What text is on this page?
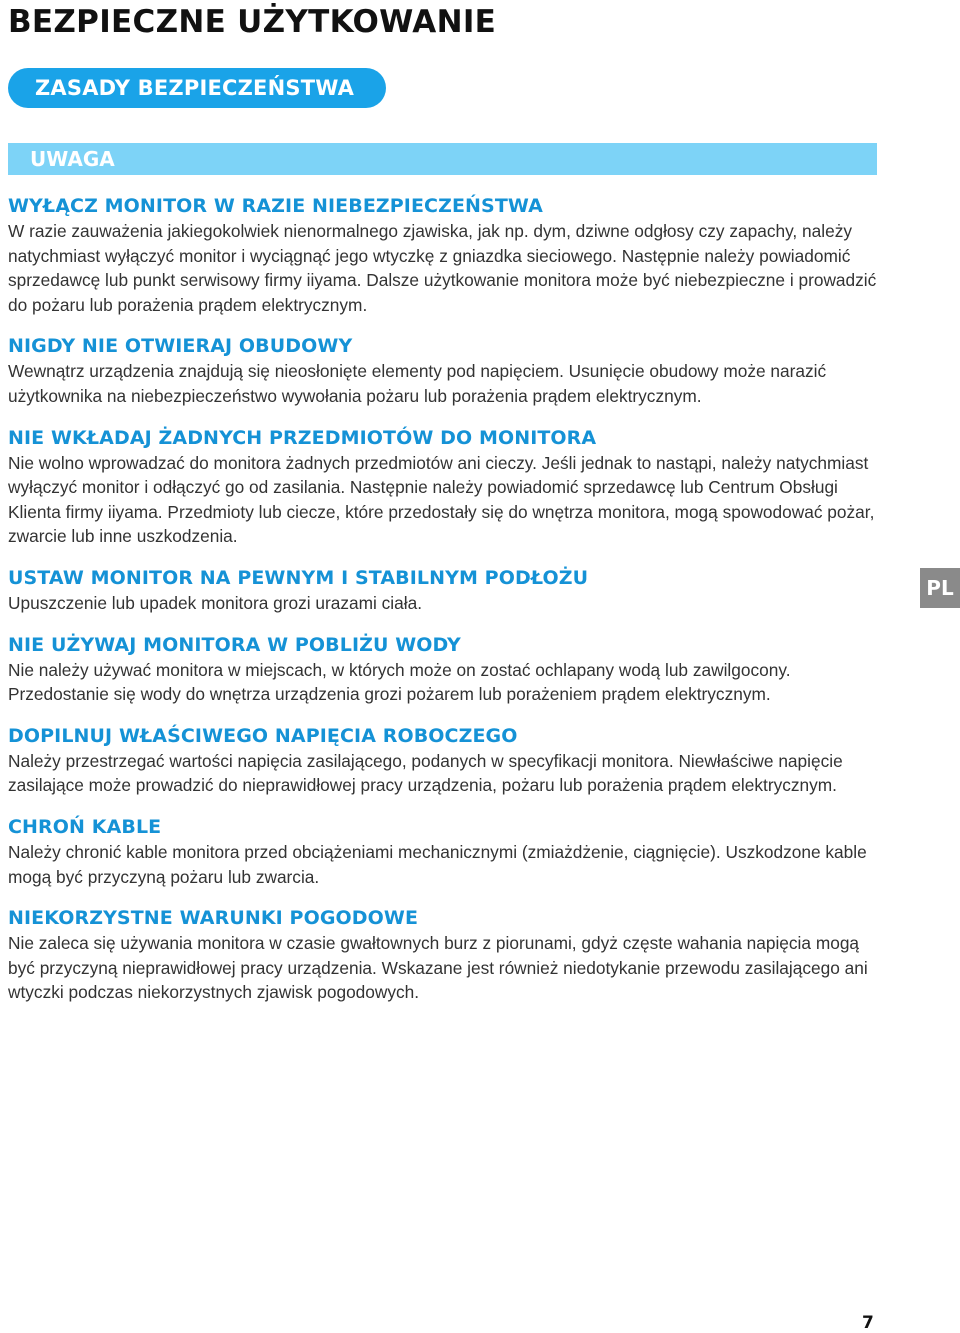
BEZPIECZNE UŻYTKOWANIE
ZASADY BEZPIECZEŃSTWA
UWAGA
WYŁĄCZ MONITOR W RAZIE NIEBEZPIECZEŃSTWA

W razie zauważenia jakiegokolwiek nienormalnego zjawiska, jak np. dym, dziwne odgłosy czy zapachy, należy natychmiast wyłączyć monitor i wyciągnąć jego wtyczkę z gniazdka sieciowego. Następnie należy powiadomić sprzedawcę lub punkt serwisowy firmy iiyama. Dalsze użytkowanie monitora może być niebezpieczne i prowadzić do pożaru lub porażenia prądem elektrycznym.

NIGDY NIE OTWIERAJ OBUDOWY

Wewnątrz urządzenia znajdują się nieosłonięte elementy pod napięciem. Usunięcie obudowy może narazić użytkownika na niebezpieczeństwo wywołania pożaru lub porażenia prądem elektrycznym.

NIE WKŁADAJ ŻADNYCH PRZEDMIOTÓW DO MONITORA

Nie wolno wprowadzać do monitora żadnych przedmiotów ani cieczy. Jeśli jednak to nastąpi, należy natychmiast wyłączyć monitor i odłączyć go od zasilania. Następnie należy powiadomić sprzedawcę lub Centrum Obsługi Klienta firmy iiyama. Przedmioty lub ciecze, które przedostały się do wnętrza monitora, mogą spowodować pożar, zwarcie lub inne uszkodzenia.

USTAW MONITOR NA PEWNYM I STABILNYM PODŁOŻU

Upuszczenie lub upadek monitora grozi urazami ciała.

NIE UŻYWAJ MONITORA W POBLIŻU WODY

Nie należy używać monitora w miejscach, w których może on zostać ochlapany wodą lub zawilgocony. Przedostanie się wody do wnętrza urządzenia grozi pożarem lub porażeniem prądem elektrycznym.

DOPILNUJ WŁAŚCIWEGO NAPIĘCIA ROBOCZEGO

Należy przestrzegać wartości napięcia zasilającego, podanych w specyfikacji monitora. Niewłaściwe napięcie zasilające może prowadzić do nieprawidłowej pracy urządzenia, pożaru lub porażenia prądem elektrycznym.

CHROŃ KABLE

Należy chronić kable monitora przed obciążeniami mechanicznymi (zmiażdżenie, ciągnięcie). Uszkodzone kable mogą być przyczyną pożaru lub zwarcia.

NIEKORZYSTNE WARUNKI POGODOWE

Nie zaleca się używania monitora w czasie gwałtownych burz z piorunami, gdyż częste wahania napięcia mogą być przyczyną nieprawidłowej pracy urządzenia. Wskazane jest również niedotykanie przewodu zasilającego ani wtyczki podczas niekorzystnych zjawisk pogodowych.

PL
7
